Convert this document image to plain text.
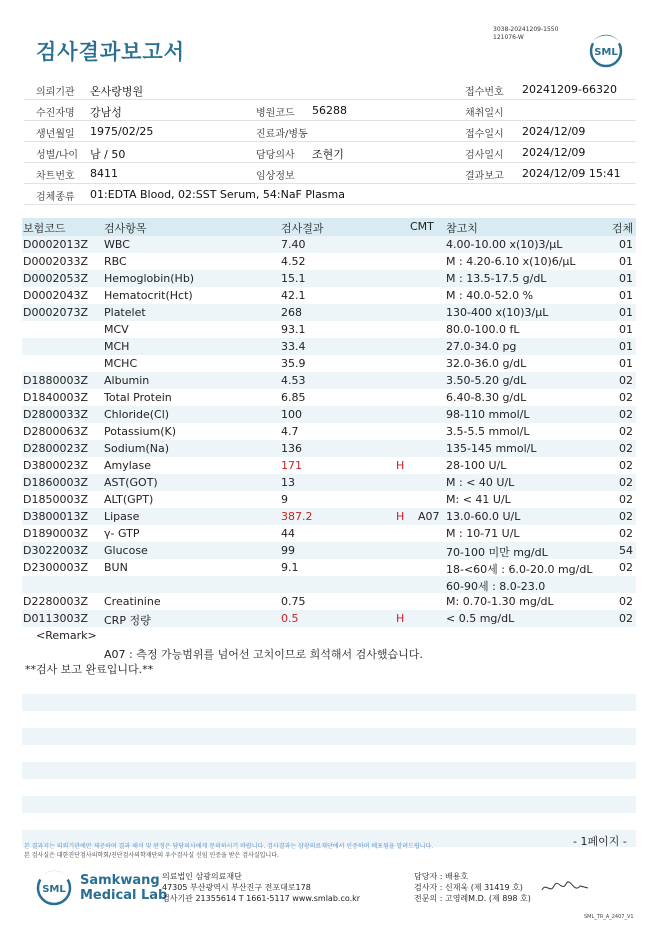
검사결과보고서
3038-20241209-1550
121076-W
SML
의뢰기관 온사랑병원	접수번호 20241209-66320
수진자명 강남성	병원코드 56288	채취일시
생년월일 1975/02/25	진료과/병동	접수일시 2024/12/09
성별/나이 남 / 50	담당의사 조현기	검사일시 2024/12/09
차트번호 8411	임상정보	결과보고 2024/12/09 15:41
검체종류 01:EDTA Blood, 02:SST Serum, 54:NaF Plasma
보험코드	검사항목	검사결과	CMT 참고치	검체
D0002013Z WBC	7.40	4.00-10.00 x(10)3/μL	01
D0002033Z RBC	4.52	M : 4.20-6.10 x(10)6/μL	01
D0002053Z Hemoglobin(Hb)	15.1	M : 13.5-17.5 g/dL	01
D0002043Z Hematocrit(Hct)	42.1	M : 40.0-52.0 %	01
D0002073Z Platelet	268	130-400 x(10)3/μL	01
MCV	93.1	80.0-100.0 fL	01
MCH	33.4	27.0-34.0 pg	01
MCHC	35.9	32.0-36.0 g/dL	01
D1880003Z Albumin	4.53	3.50-5.20 g/dL	02
D1840003Z Total Protein	6.85	6.40-8.30 g/dL	02
D2800033Z Chloride(Cl)	100	98-110 mmol/L	02
D2800063Z Potassium(K)	4.7	3.5-5.5 mmol/L	02
D2800023Z Sodium(Na)	136	135-145 mmol/L	02
D3800023Z Amylase	171	H	28-100 U/L	02
D1860003Z AST(GOT)	13	M : < 40 U/L	02
D1850003Z ALT(GPT)	9	M: < 41 U/L	02
D3800013Z Lipase	387.2	H A07 13.0-60.0 U/L	02
D1890003Z γ- GTP	44	M : 10-71 U/L	02
D3022003Z Glucose	99	70-100 미만 mg/dL	54
D2300003Z BUN	9.1	18-<60세 : 6.0-20.0 mg/dL 02
60-90세 : 8.0-23.0
D2280003Z Creatinine	0.75	M: 0.70-1.30 mg/dL	02
D0113003Z CRP 정량	0.5	H	< 0.5 mg/dL	02
<Remark>
A07 : 측정 가능범위를 넘어선 고치이므로 희석해서 검사했습니다.
**검사 보고 완료입니다.**
- 1페이지 -
본 결과지는 의뢰기관에만 제공하며 결과 해석 및 판정은 담당의사에게 문의하시기 바랍니다. 검사결과는 삼광의료재단에서 인증하며 배포됨을 알려드립니다.
본 검사실은 대한진단검사의학회/진단검사의학재단의 우수검사실 신임 인증을 받은 검사실입니다.
SML
Samkwang
Medical Lab
의료법인 삼광의료재단
47305 부산광역시 부산진구 전포대로178
검사기관 21355614 T 1661-5117 www.smlab.co.kr
담당자 : 배용호
검사자 : 신재욱 (제 31419 호)
전문의 : 고영례M.D. (제 898 호)
SML_TR_A_2407_V1
